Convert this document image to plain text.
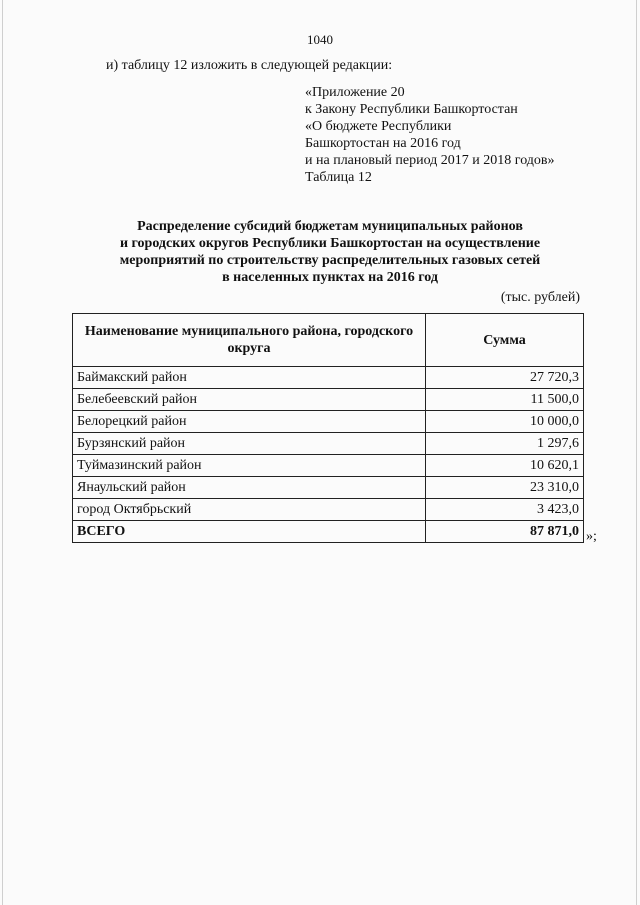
1040
и) таблицу 12 изложить в следующей редакции:
«Приложение 20
к Закону Республики Башкортостан
«О бюджете Республики
Башкортостан на 2016 год
и на плановый период 2017 и 2018 годов»
Таблица 12
Распределение субсидий бюджетам муниципальных районов
и городских округов Республики Башкортостан на осуществление
мероприятий по строительству распределительных газовых сетей
в населенных пунктах на 2016 год
(тыс. рублей)
Наименование муниципального района, городского округа	Сумма
Баймакский район	27 720,3
Белебеевский район	11 500,0
Белорецкий район	10 000,0
Бурзянский район	1 297,6
Туймазинский район	10 620,1
Янаульский район	23 310,0
город Октябрьский	3 423,0
ВСЕГО	87 871,0 »;
